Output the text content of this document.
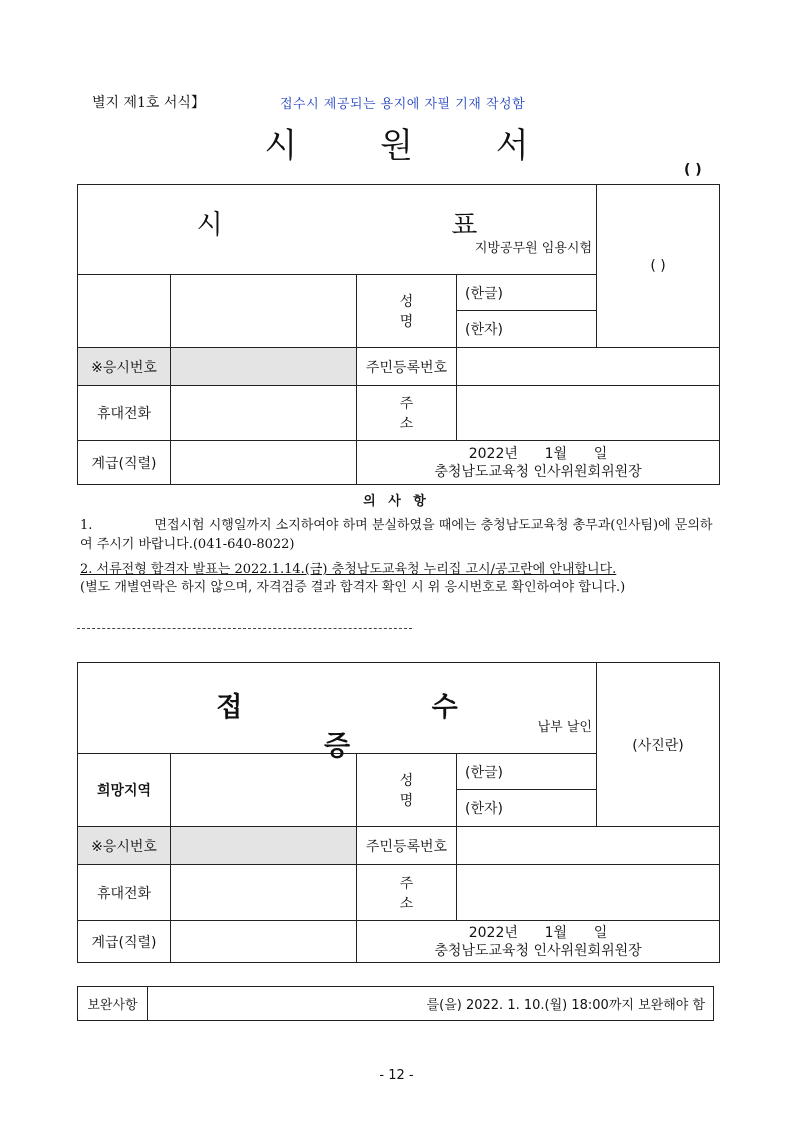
별지 제1호 서식】	접수시 제공되는 용지에 자필 기재 작성함
시 원 서
( )
시 표
지방공무원 임용시험				( )
		성 명	(한글)	
			(한자)	
※응시번호		주민등록번호		
휴대전화		주 소		
계급(직렬)		2022년      1월      일
충청남도교육청 인사위원회위원장		
의 사 항
1.               면접시험 시행일까지 소지하여야 하며 분실하였을 때에는 충청남도교육청 총무과(인사팀)에 문의하여 주시기 바랍니다.(041-640-8022)
2. 서류전형 합격자 발표는 2022.1.14.(금) 충청남도교육청 누리집 고시/공고란에 안내합니다.
(별도 개별연락은 하지 않으며, 자격검증 결과 합격자 확인 시 위 응시번호로 확인하여야 합니다.)
접 수 증
납부 날인				(사진란)
희망지역		성 명	(한글)	
			(한자)	
※응시번호		주민등록번호		
휴대전화		주 소		
계급(직렬)		2022년      1월      일
충청남도교육청 인사위원회위원장		
보완사항	를(을) 2022. 1. 10.(월) 18:00까지 보완해야 함
- 12 -
